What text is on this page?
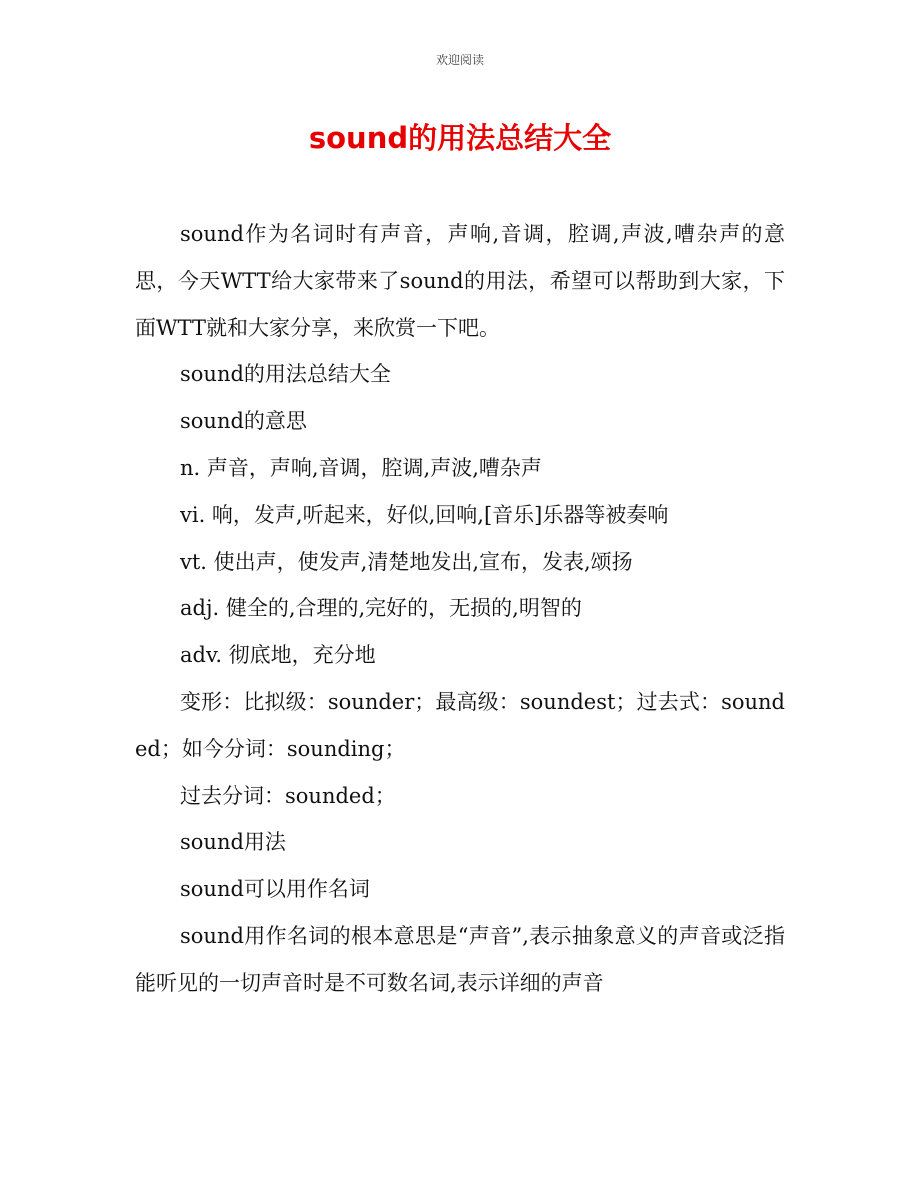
欢迎阅读
sound的用法总结大全

sound作为名词时有声音，声响,音调，腔调,声波,嘈杂声的意思，今天WTT给大家带来了sound的用法，希望可以帮助到大家，下面WTT就和大家分享，来欣赏一下吧。

sound的用法总结大全

sound的意思

n. 声音，声响,音调，腔调,声波,嘈杂声

vi. 响，发声,听起来，好似,回响,[音乐]乐器等被奏响

vt. 使出声，使发声,清楚地发出,宣布，发表,颂扬

adj. 健全的,合理的,完好的，无损的,明智的

adv. 彻底地，充分地

变形：比拟级：sounder；最高级：soundest；过去式：sounded；如今分词：sounding；

过去分词：sounded；

sound用法

sound可以用作名词

sound用作名词的根本意思是“声音”,表示抽象意义的声音或泛指能听见的一切声音时是不可数名词,表示详细的声音
